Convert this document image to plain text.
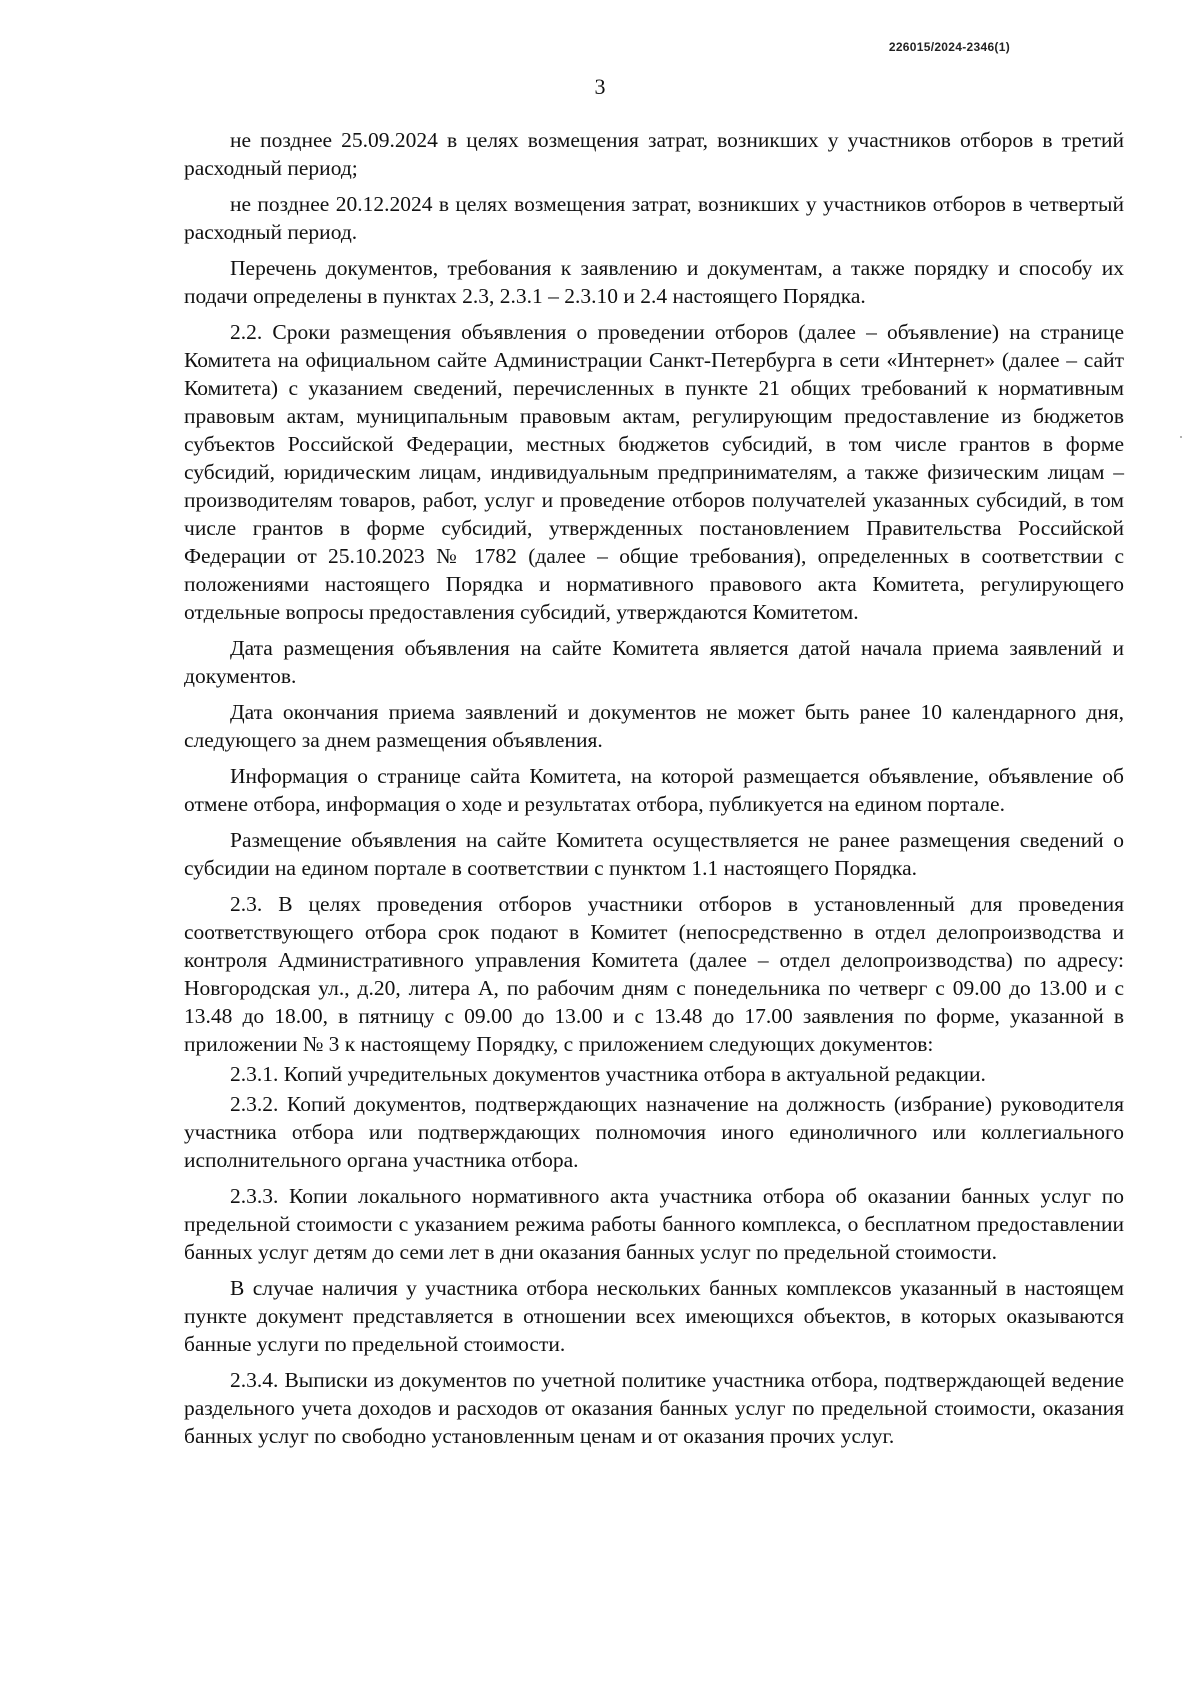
226015/2024-2346(1)
3

не позднее 25.09.2024 в целях возмещения затрат, возникших у участников отборов в третий расходный период;

не позднее 20.12.2024 в целях возмещения затрат, возникших у участников отборов в четвертый расходный период.

Перечень документов, требования к заявлению и документам, а также порядку и способу их подачи определены в пунктах 2.3, 2.3.1 – 2.3.10 и 2.4 настоящего Порядка.

2.2. Сроки размещения объявления о проведении отборов (далее – объявление) на странице Комитета на официальном сайте Администрации Санкт-Петербурга в сети «Интернет» (далее – сайт Комитета) с указанием сведений, перечисленных в пункте 21 общих требований к нормативным правовым актам, муниципальным правовым актам, регулирующим предоставление из бюджетов субъектов Российской Федерации, местных бюджетов субсидий, в том числе грантов в форме субсидий, юридическим лицам, индивидуальным предпринимателям, а также физическим лицам – производителям товаров, работ, услуг и проведение отборов получателей указанных субсидий, в том числе грантов в форме субсидий, утвержденных постановлением Правительства Российской Федерации от 25.10.2023 № 1782 (далее – общие требования), определенных в соответствии с положениями настоящего Порядка и нормативного правового акта Комитета, регулирующего отдельные вопросы предоставления субсидий, утверждаются Комитетом.

Дата размещения объявления на сайте Комитета является датой начала приема заявлений и документов.

Дата окончания приема заявлений и документов не может быть ранее 10 календарного дня, следующего за днем размещения объявления.

Информация о странице сайта Комитета, на которой размещается объявление, объявление об отмене отбора, информация о ходе и результатах отбора, публикуется на едином портале.

Размещение объявления на сайте Комитета осуществляется не ранее размещения сведений о субсидии на едином портале в соответствии с пунктом 1.1 настоящего Порядка.

2.3. В целях проведения отборов участники отборов в установленный для проведения соответствующего отбора срок подают в Комитет (непосредственно в отдел делопроизводства и контроля Административного управления Комитета (далее – отдел делопроизводства) по адресу: Новгородская ул., д.20, литера А, по рабочим дням с понедельника по четверг с 09.00 до 13.00 и с 13.48 до 18.00, в пятницу с 09.00 до 13.00 и с 13.48 до 17.00 заявления по форме, указанной в приложении № 3 к настоящему Порядку, с приложением следующих документов:

2.3.1. Копий учредительных документов участника отбора в актуальной редакции.

2.3.2. Копий документов, подтверждающих назначение на должность (избрание) руководителя участника отбора или подтверждающих полномочия иного единоличного или коллегиального исполнительного органа участника отбора.

2.3.3. Копии локального нормативного акта участника отбора об оказании банных услуг по предельной стоимости с указанием режима работы банного комплекса, о бесплатном предоставлении банных услуг детям до семи лет в дни оказания банных услуг по предельной стоимости.

В случае наличия у участника отбора нескольких банных комплексов указанный в настоящем пункте документ представляется в отношении всех имеющихся объектов, в которых оказываются банные услуги по предельной стоимости.

2.3.4. Выписки из документов по учетной политике участника отбора, подтверждающей ведение раздельного учета доходов и расходов от оказания банных услуг по предельной стоимости, оказания банных услуг по свободно установленным ценам и от оказания прочих услуг.
